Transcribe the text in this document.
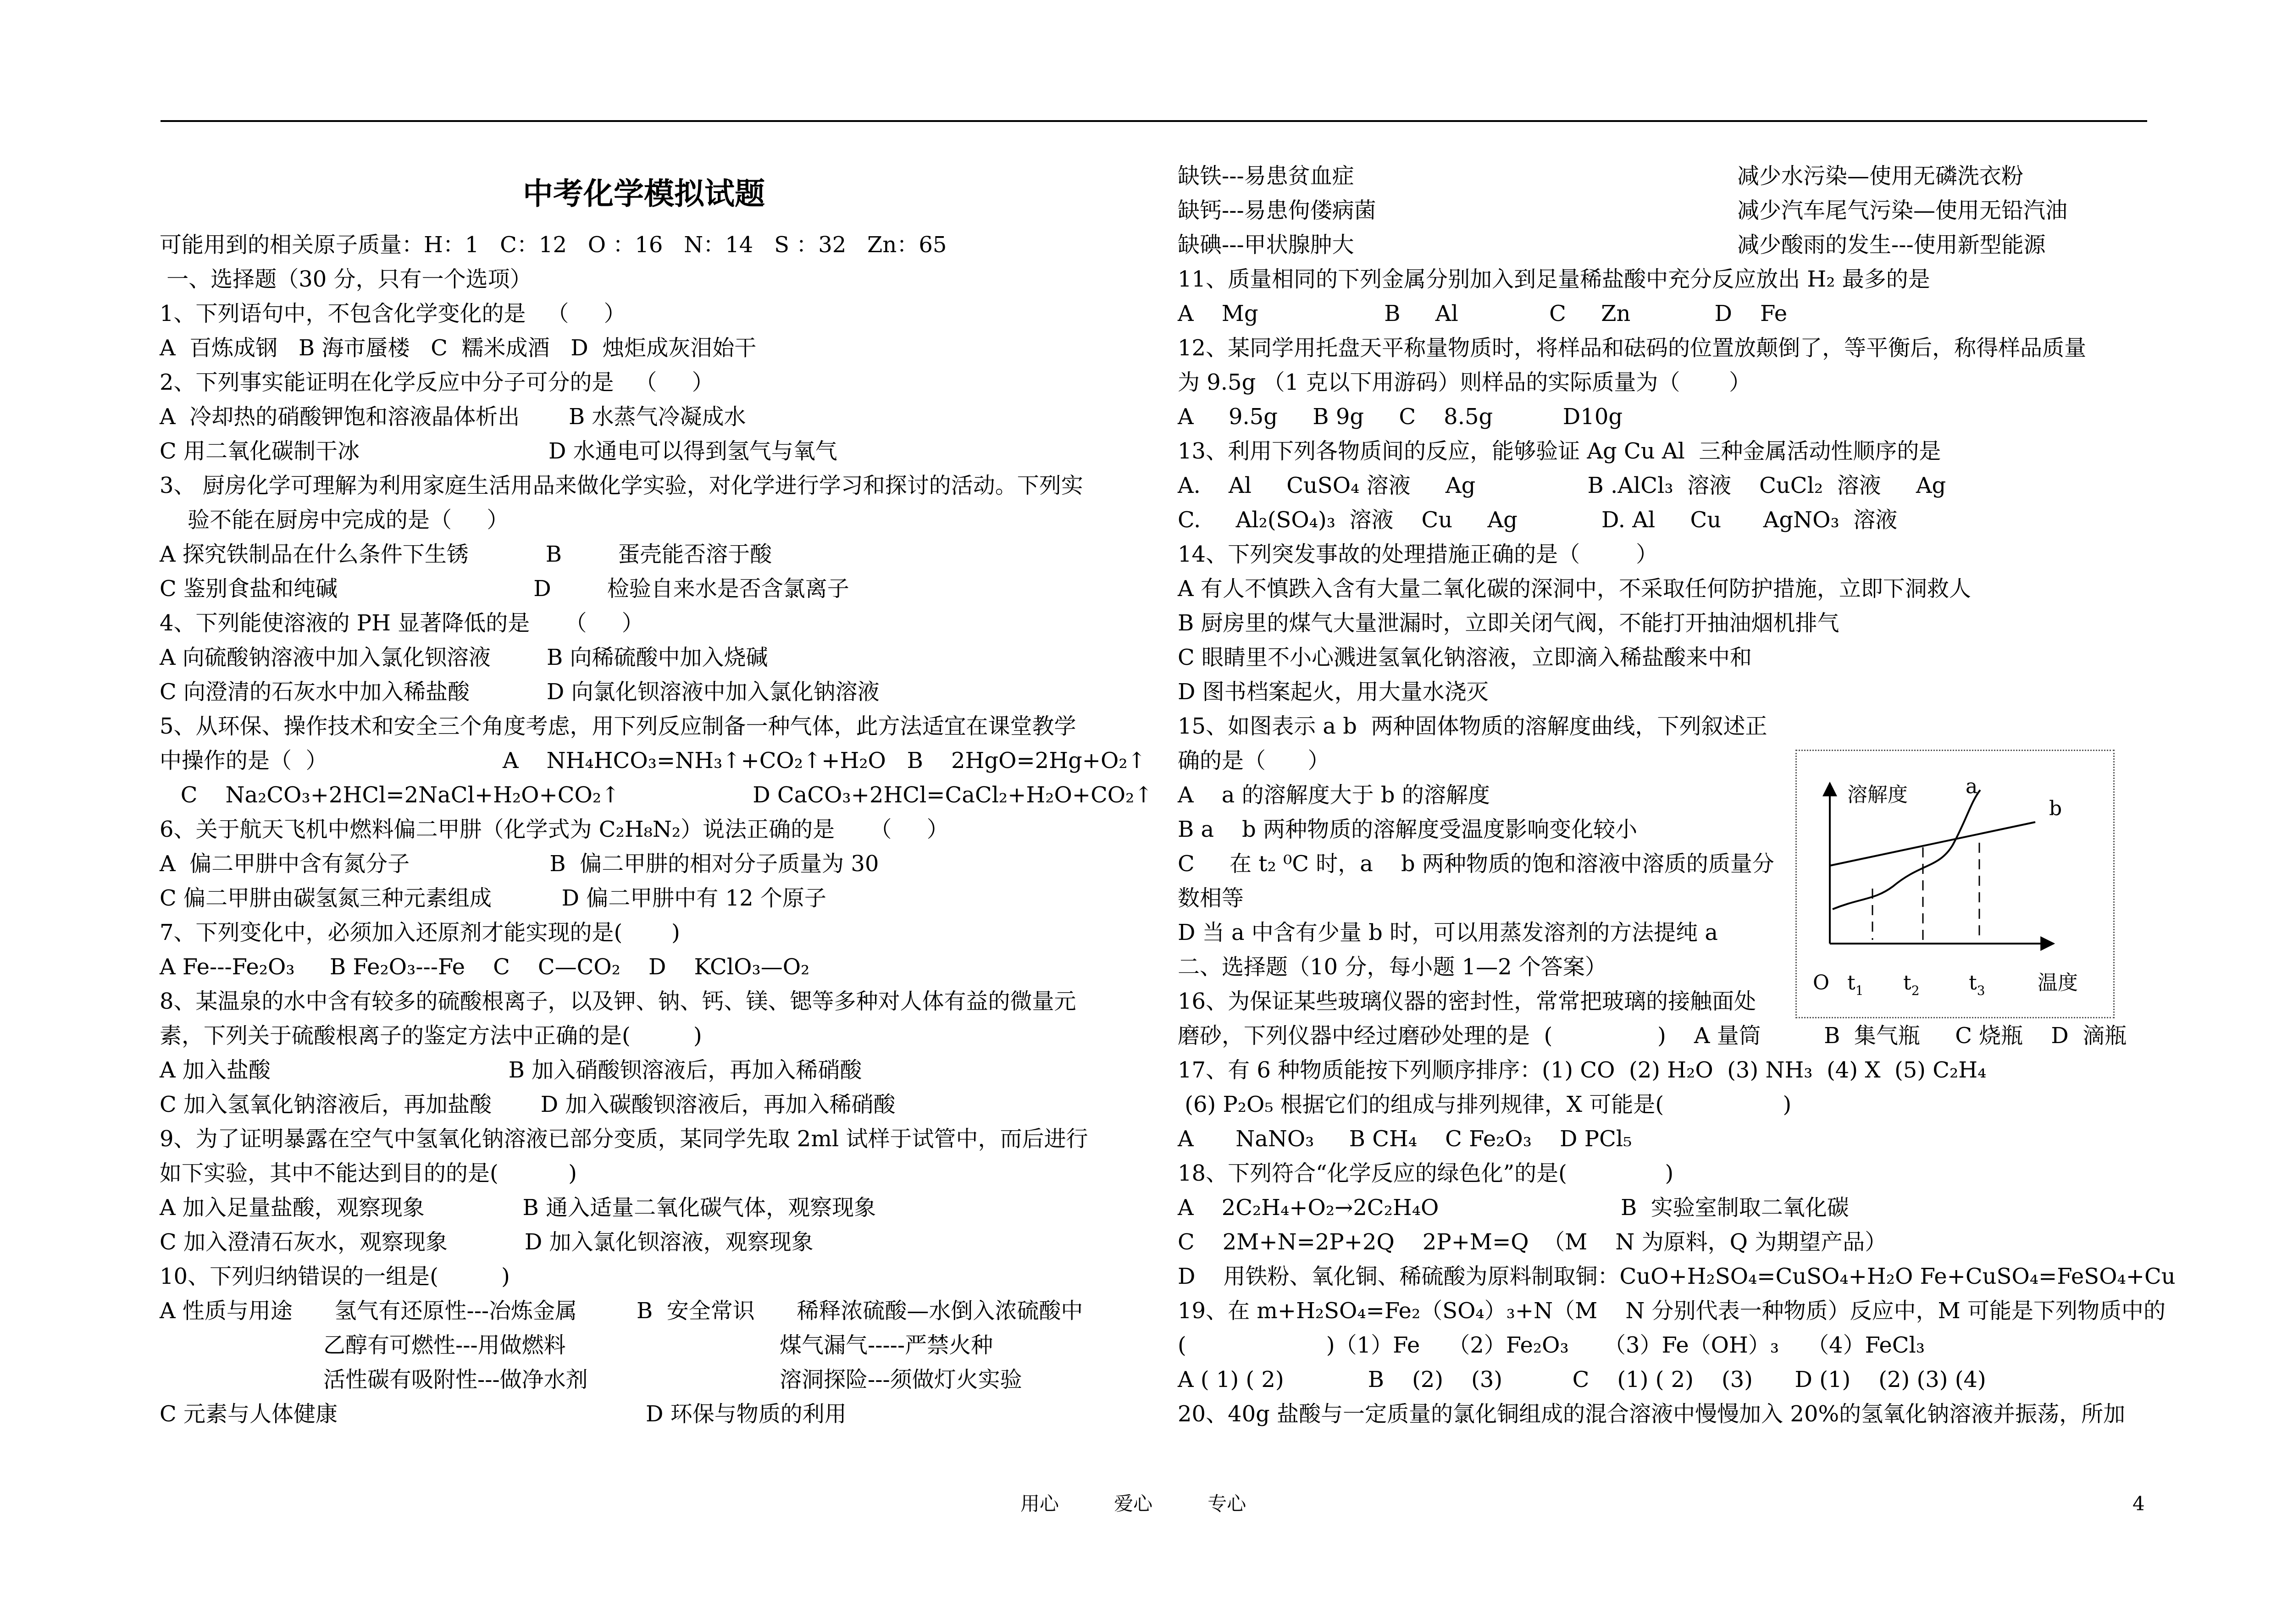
中考化学模拟试题
可能用到的相关原子质量：H：1   C：12   O ：16   N：14   S ：32   Zn：65
一、选择题（30 分，只有一个选项）
1、下列语句中，不包含化学变化的是   （     ）
A  百炼成钢   B 海市蜃楼   C  糯米成酒   D  烛炬成灰泪始干
2、下列事实能证明在化学反应中分子可分的是   （     ）
A  冷却热的硝酸钾饱和溶液晶体析出       B 水蒸气冷凝成水
C 用二氧化碳制干冰                           D 水通电可以得到氢气与氧气
3、 厨房化学可理解为利用家庭生活用品来做化学实验，对化学进行学习和探讨的活动。下列实
验不能在厨房中完成的是（     ）
A 探究铁制品在什么条件下生锈           B        蛋壳能否溶于酸
C 鉴别食盐和纯碱                            D        检验自来水是否含氯离子
4、下列能使溶液的 PH 显著降低的是     （     ）
A 向硫酸钠溶液中加入氯化钡溶液        B 向稀硫酸中加入烧碱
C 向澄清的石灰水中加入稀盐酸           D 向氯化钡溶液中加入氯化钠溶液
5、从环保、操作技术和安全三个角度考虑，用下列反应制备一种气体，此方法适宜在课堂教学
中操作的是（  ）                         A    NH₄HCO₃=NH₃↑+CO₂↑+H₂O   B    2HgO=2Hg+O₂↑
C    Na₂CO₃+2HCl=2NaCl+H₂O+CO₂↑                   D CaCO₃+2HCl=CaCl₂+H₂O+CO₂↑
6、关于航天飞机中燃料偏二甲肼（化学式为 C₂H₈N₂）说法正确的是     （     ）
A  偏二甲肼中含有氮分子                    B  偏二甲肼的相对分子质量为 30
C 偏二甲肼由碳氢氮三种元素组成          D 偏二甲肼中有 12 个原子
7、下列变化中，必须加入还原剂才能实现的是(       )
A Fe---Fe₂O₃     B Fe₂O₃---Fe    C    C—CO₂    D    KClO₃—O₂
8、某温泉的水中含有较多的硫酸根离子，以及钾、钠、钙、镁、锶等多种对人体有益的微量元
素，下列关于硫酸根离子的鉴定方法中正确的是(         )
A 加入盐酸                                  B 加入硝酸钡溶液后，再加入稀硝酸
C 加入氢氧化钠溶液后，再加盐酸       D 加入碳酸钡溶液后，再加入稀硝酸
9、为了证明暴露在空气中氢氧化钠溶液已部分变质，某同学先取 2ml 试样于试管中，而后进行
如下实验，其中不能达到目的的是(          )
A 加入足量盐酸，观察现象              B 通入适量二氧化碳气体，观察现象
C 加入澄清石灰水，观察现象           D 加入氯化钡溶液，观察现象
10、下列归纳错误的一组是(         )
A 性质与用途      氢气有还原性---冶炼金属	B  安全常识      稀释浓硫酸—水倒入浓硫酸中
乙醇有可燃性---用做燃料	煤气漏气-----严禁火种
活性碳有吸附性---做净水剂	溶洞探险---须做灯火实验
C 元素与人体健康	D 环保与物质的利用
缺铁---易患贫血症	减少水污染—使用无磷洗衣粉
缺钙---易患佝偻病菌	减少汽车尾气污染—使用无铅汽油
缺碘---甲状腺肿大	减少酸雨的发生---使用新型能源
11、质量相同的下列金属分别加入到足量稀盐酸中充分反应放出 H₂ 最多的是
A    Mg                  B     Al             C     Zn            D    Fe
12、某同学用托盘天平称量物质时，将样品和砝码的位置放颠倒了，等平衡后，称得样品质量
为 9.5g （1 克以下用游码）则样品的实际质量为（       ）
A     9.5g     B 9g     C    8.5g          D10g
13、利用下列各物质间的反应，能够验证 Ag Cu Al  三种金属活动性顺序的是
A.    Al     CuSO₄ 溶液     Ag                B .AlCl₃  溶液    CuCl₂  溶液     Ag
C.     Al₂(SO₄)₃  溶液    Cu     Ag            D. Al     Cu      AgNO₃  溶液
14、下列突发事故的处理措施正确的是（        ）
A 有人不慎跌入含有大量二氧化碳的深洞中，不采取任何防护措施，立即下洞救人
B 厨房里的煤气大量泄漏时，立即关闭气阀，不能打开抽油烟机排气
C 眼睛里不小心溅进氢氧化钠溶液，立即滴入稀盐酸来中和
D 图书档案起火，用大量水浇灭
15、如图表示 a b  两种固体物质的溶解度曲线，下列叙述正
确的是（      ）
A    a 的溶解度大于 b 的溶解度
B a    b 两种物质的溶解度受温度影响变化较小
C     在 t₂ ⁰C 时，a    b 两种物质的饱和溶液中溶质的质量分
数相等
D 当 a 中含有少量 b 时，可以用蒸发溶剂的方法提纯 a
二、选择题（10 分，每小题 1—2 个答案）
16、为保证某些玻璃仪器的密封性，常常把玻璃的接触面处
磨砂，下列仪器中经过磨砂处理的是  (               )    A 量筒         B  集气瓶     C 烧瓶    D  滴瓶
17、有 6 种物质能按下列顺序排序：(1) CO  (2) H₂O  (3) NH₃  (4) X  (5) C₂H₄
(6) P₂O₅ 根据它们的组成与排列规律，X 可能是(                 )
A      NaNO₃     B CH₄    C Fe₂O₃    D PCl₅
18、下列符合“化学反应的绿色化”的是(              )
A    2C₂H₄+O₂→2C₂H₄O                          B  实验室制取二氧化碳
C    2M+N=2P+2Q    2P+M=Q  （M    N 为原料，Q 为期望产品）
D    用铁粉、氧化铜、稀硫酸为原料制取铜：CuO+H₂SO₄=CuSO₄+H₂O Fe+CuSO₄=FeSO₄+Cu
19、在 m+H₂SO₄=Fe₂（SO₄）₃+N（M    N 分别代表一种物质）反应中，M 可能是下列物质中的
(                    )（1）Fe    （2）Fe₂O₃     （3）Fe（OH）₃    （4）FeCl₃
A ( 1) ( 2)            B    (2)    (3)          C    (1) ( 2)    (3)      D (1)    (2) (3) (4)
20、40g 盐酸与一定质量的氯化铜组成的混合溶液中慢慢加入 20%的氢氧化钠溶液并振荡，所加
溶解度	a
b
O $t_1$ $t_2$ $t_3$	温度
用心         爱心         专心	4
